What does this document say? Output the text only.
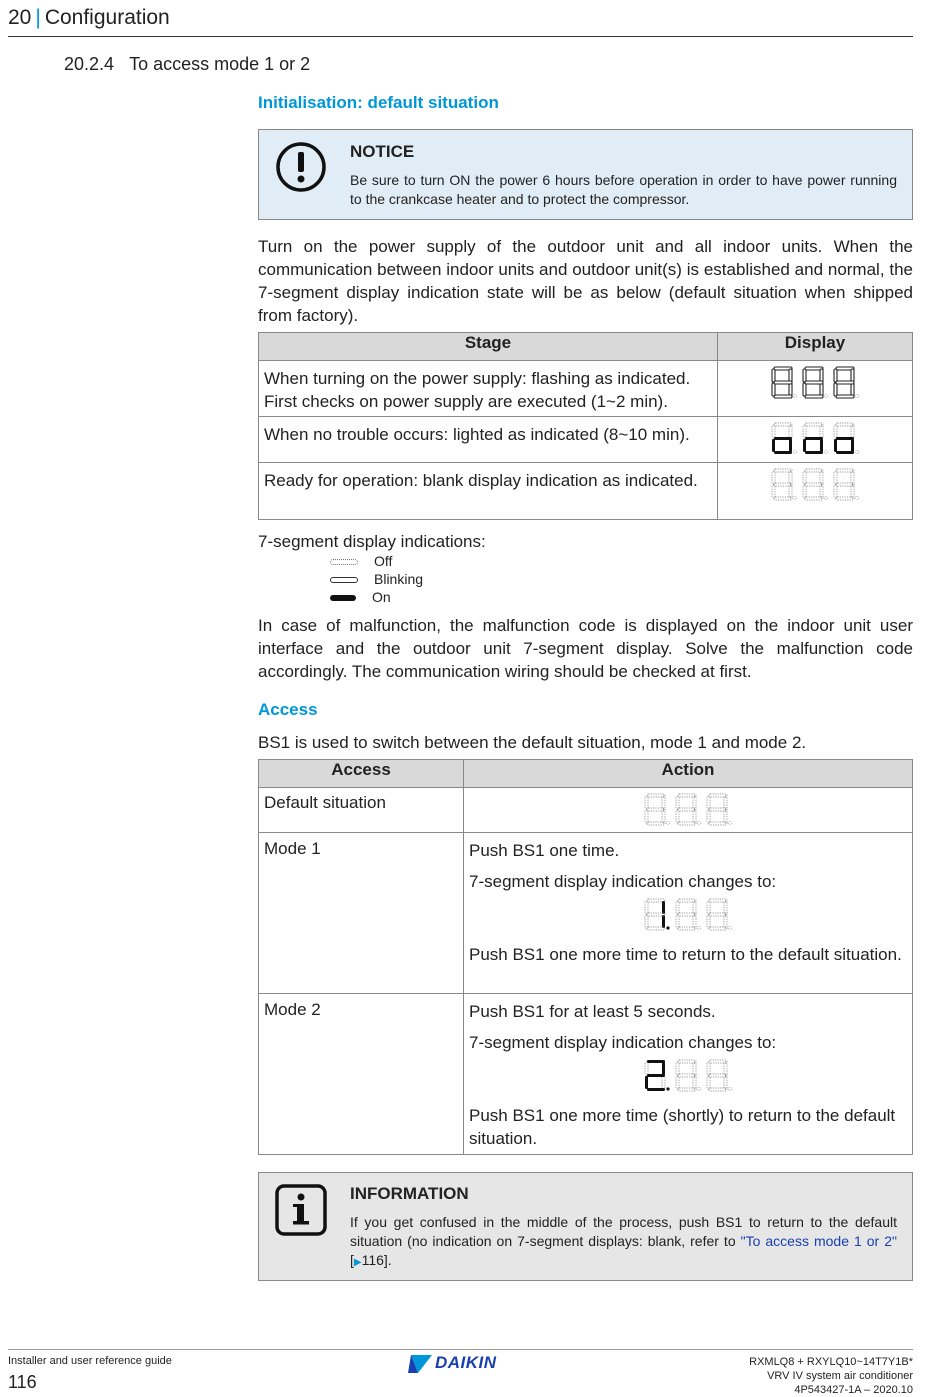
20 | Configuration
20.2.4 To access mode 1 or 2
Initialisation: default situation
NOTICE
Be sure to turn ON the power 6 hours before operation in order to have power running to the crankcase heater and to protect the compressor.
Turn on the power supply of the outdoor unit and all indoor units. When the communication between indoor units and outdoor unit(s) is established and normal, the 7-segment display indication state will be as below (default situation when shipped from factory).
Stage	Display
When turning on the power supply: flashing as indicated. First checks on power supply are executed (1~2 min).	
When no trouble occurs: lighted as indicated (8~10 min).	
Ready for operation: blank display indication as indicated.	
7-segment display indications:
Off
Blinking
On
In case of malfunction, the malfunction code is displayed on the indoor unit user interface and the outdoor unit 7-segment display. Solve the malfunction code accordingly. The communication wiring should be checked at first.
Access
BS1 is used to switch between the default situation, mode 1 and mode 2.
Access	Action
Default situation	
Mode 1	Push BS1 one time.
7-segment display indication changes to:
Push BS1 one more time to return to the default situation.

Mode 2	Push BS1 for at least 5 seconds.
7-segment display indication changes to:
Push BS1 one more time (shortly) to return to the default situation.
INFORMATION
If you get confused in the middle of the process, push BS1 to return to the default situation (no indication on 7-segment displays: blank, refer to "To access mode 1 or 2" [▶116].
Installer and user reference guide
116
DAIKIN	RXMLQ8 + RXYLQ10~14T7Y1B*
VRV IV system air conditioner
4P543427-1A – 2020.10
